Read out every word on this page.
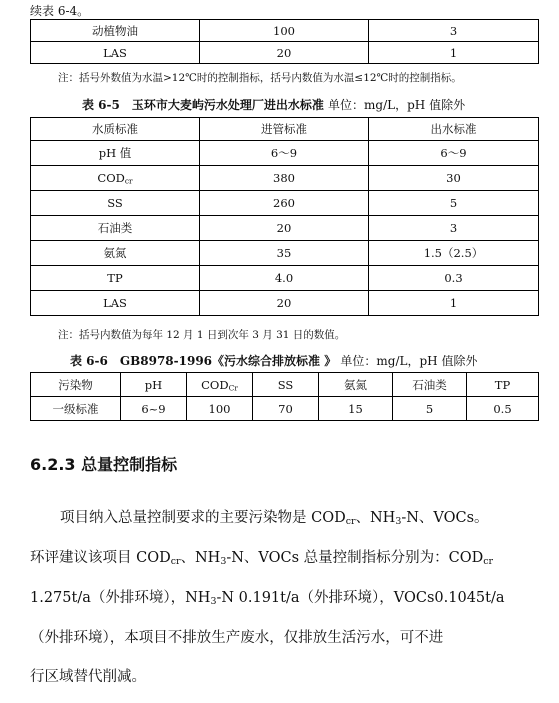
续表 6-4。
动植物油	100	3
LAS	20	1
注：括号外数值为水温>12℃时的控制指标，括号内数值为水温≤12℃时的控制指标。
表 6-5　玉环市大麦屿污水处理厂进出水标准 单位：mg/L，pH 值除外
水质标准	进管标准	出水标准
pH 值	6～9	6～9
$COD_{cr}$	380	30
SS	260	5
石油类	20	3
氨氮	35	1.5（2.5）
TP	4.0	0.3
LAS	20	1
注：括号内数值为每年 12 月 1 日到次年 3 月 31 日的数值。
表 6-6　GB8978-1996《污水综合排放标准 》 单位：mg/L，pH 值除外
污染物	pH	$COD_{Cr}$	SS	氨氮	石油类	TP
一级标准	6~9	100	70	15	5	0.5
6.2.3 总量控制指标
项目纳入总量控制要求的主要污染物是 $COD_{cr}$、$NH_3-N$、VOCs。
环评建议该项目 $COD_{cr}$、$NH_3-N$、VOCs 总量控制指标分别为：$COD_{cr}$
1.275t/a（外排环境），$NH_3-N$ 0.191t/a（外排环境），VOCs0.1045t/a
（外排环境），本项目不排放生产废水，仅排放生活污水，可不进
行区域替代削减。
